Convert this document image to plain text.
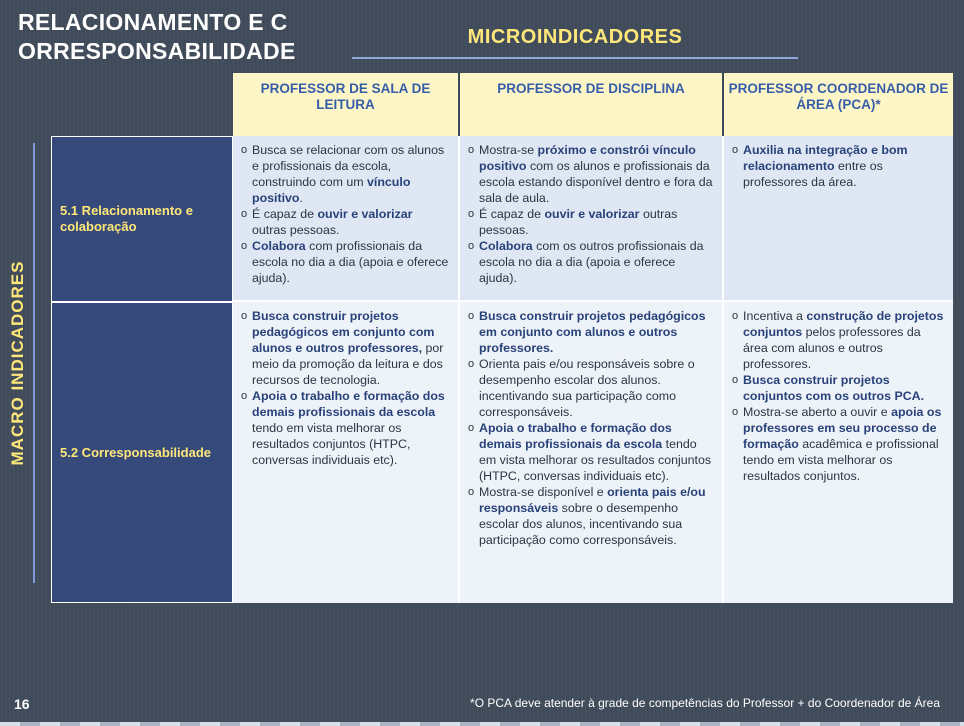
RELACIONAMENTO E CORRESPONSABILIDADE
MICROINDICADORES
MACRO INDICADORES
PROFESSOR DE SALA DE LEITURA
PROFESSOR DE DISCIPLINA	PROFESSOR COORDENADOR DE ÁREA (PCA)*
5.1 Relacionamento e colaboração
o Busca se relacionar com os alunos e profissionais da escola, construindo com um vínculo positivo.
o É capaz de ouvir e valorizar outras pessoas.
o Colabora com profissionais da escola no dia a dia (apoia e oferece ajuda).
o Mostra-se próximo e constrói vínculo positivo com os alunos e profissionais da escola estando disponível dentro e fora da sala de aula.
o É capaz de ouvir e valorizar outras pessoas.
o Colabora com os outros profissionais da escola no dia a dia (apoia e oferece ajuda).
o Auxilia na integração e bom relacionamento entre os professores da área.
5.2 Corresponsabilidade
o Busca construir projetos pedagógicos em conjunto com alunos e outros professores, por meio da promoção da leitura e dos recursos de tecnologia.
o Apoia o trabalho e formação dos demais profissionais da escola tendo em vista melhorar os resultados conjuntos (HTPC, conversas individuais etc).
o Busca construir projetos pedagógicos em conjunto com alunos e outros professores.
o Orienta pais e/ou responsáveis sobre o desempenho escolar dos alunos. incentivando sua participação como corresponsáveis.
o Apoia o trabalho e formação dos demais profissionais da escola tendo em vista melhorar os resultados conjuntos (HTPC, conversas individuais etc).
o Mostra-se disponível e orienta pais e/ou responsáveis sobre o desempenho escolar dos alunos, incentivando sua participação como corresponsáveis.
o Incentiva a construção de projetos conjuntos pelos professores da área com alunos e outros professores.
o Busca construir projetos conjuntos com os outros PCA.
o Mostra-se aberto a ouvir e apoia os professores em seu processo de formação acadêmica e profissional tendo em vista melhorar os resultados conjuntos.
16	*O PCA deve atender à grade de competências do Professor + do Coordenador de Área
